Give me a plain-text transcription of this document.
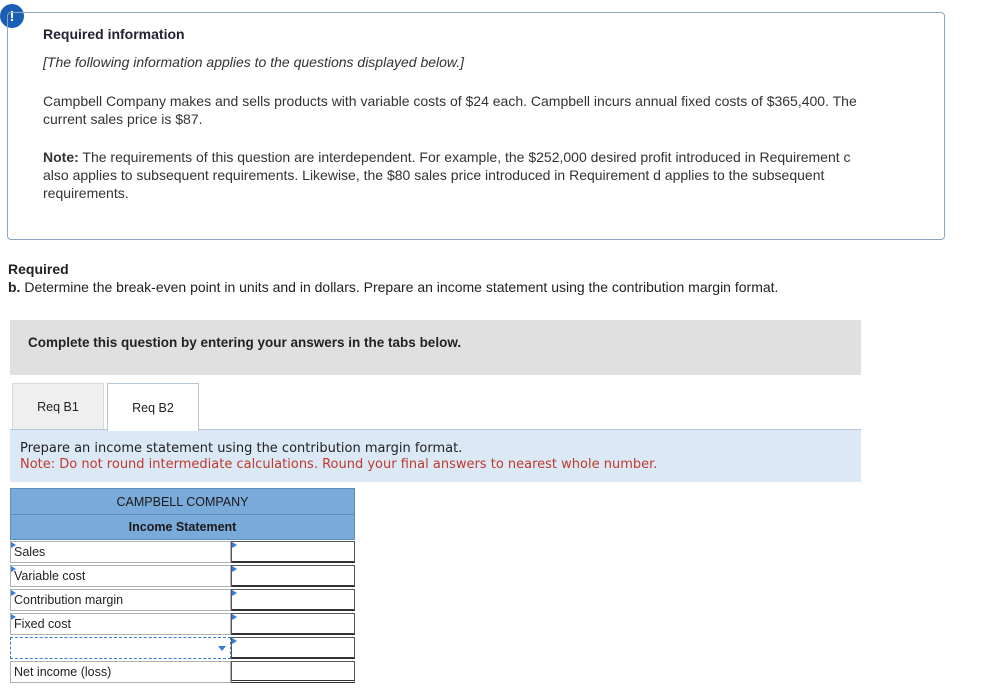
!
Required information
[The following information applies to the questions displayed below.]
Campbell Company makes and sells products with variable costs of $24 each. Campbell incurs annual fixed costs of $365,400. The current sales price is $87.
Note: The requirements of this question are interdependent. For example, the $252,000 desired profit introduced in Requirement c also applies to subsequent requirements. Likewise, the $80 sales price introduced in Requirement d applies to the subsequent requirements.
Required
b. Determine the break-even point in units and in dollars. Prepare an income statement using the contribution margin format.
Complete this question by entering your answers in the tabs below.
Req B1	Req B2
Prepare an income statement using the contribution margin format.
Note: Do not round intermediate calculations. Round your final answers to nearest whole number.
CAMPBELL COMPANY
Income Statement
Sales
Variable cost
Contribution margin
Fixed cost
Net income (loss)
